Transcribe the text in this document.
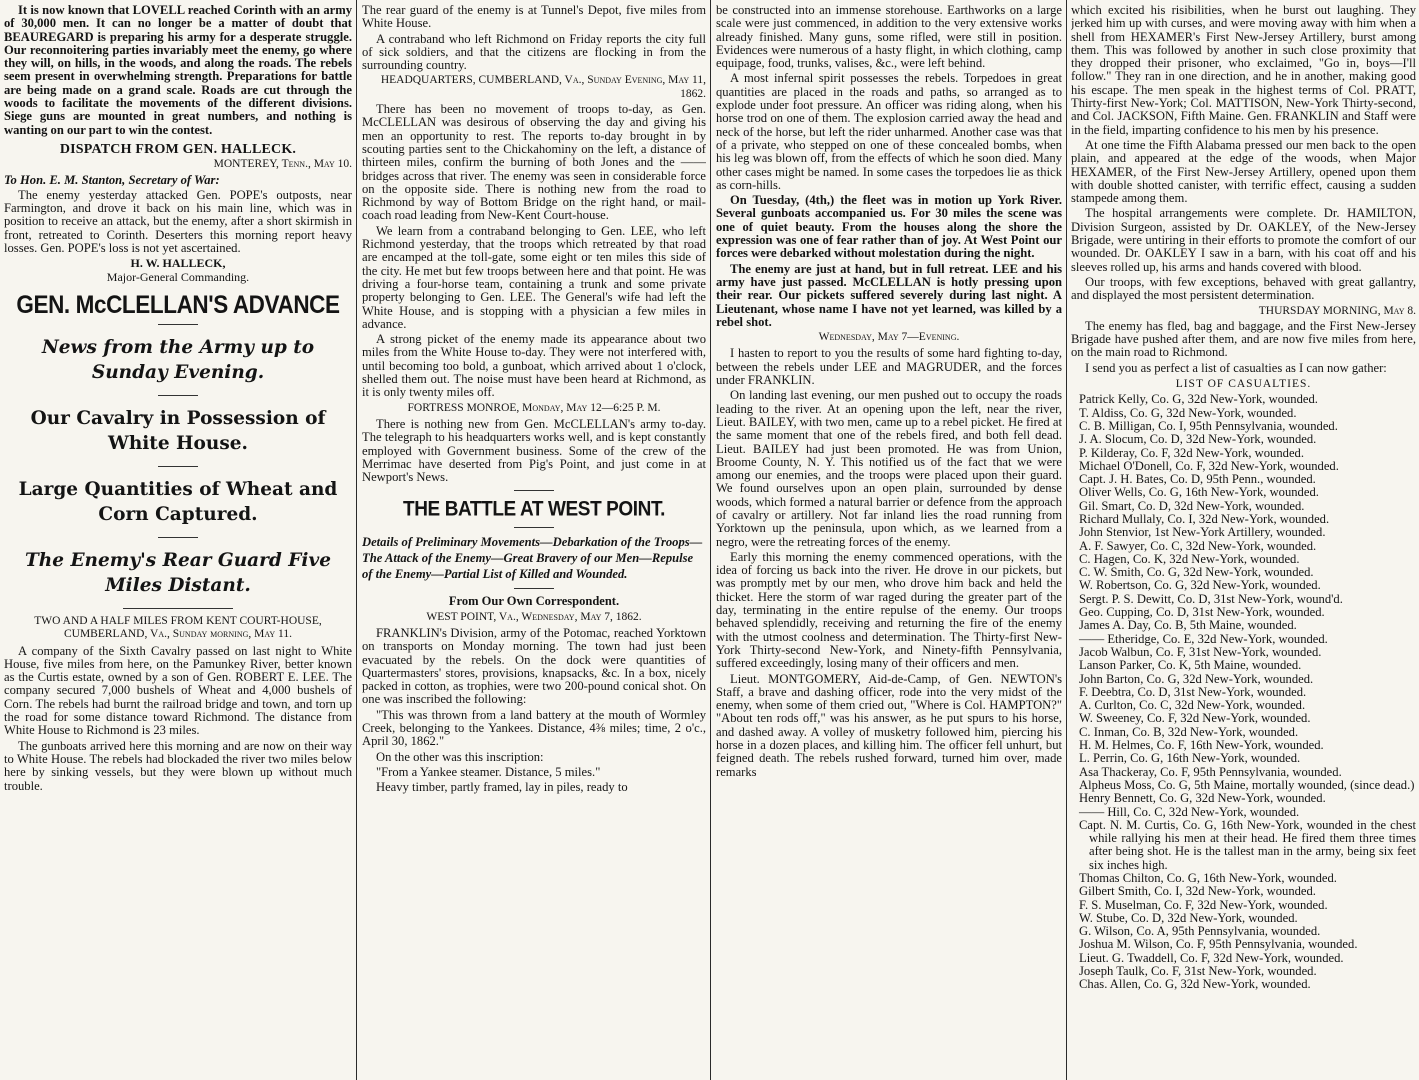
It is now known that LOVELL reached Corinth with an army of 30,000 men. It can no longer be a matter of doubt that BEAUREGARD is preparing his army for a desperate struggle. Our reconnoitering parties invariably meet the enemy, go where they will, on hills, in the woods, and along the roads. The rebels seem present in overwhelming strength. Preparations for battle are being made on a grand scale. Roads are cut through the woods to facilitate the movements of the different divisions. Siege guns are mounted in great numbers, and nothing is wanting on our part to win the contest.

DISPATCH FROM GEN. HALLECK.

MONTEREY, Tenn., May 10.

To Hon. E. M. Stanton, Secretary of War:

The enemy yesterday attacked Gen. POPE's outposts, near Farmington, and drove it back on his main line, which was in position to receive an attack, but the enemy, after a short skirmish in front, retreated to Corinth. Deserters this morning report heavy losses. Gen. POPE's loss is not yet ascertained.

H. W. HALLECK,

Major-General Commanding.

GEN. McCLELLAN'S ADVANCE
News from the Army up to Sunday Evening.
Our Cavalry in Possession of White House.
Large Quantities of Wheat and Corn Captured.
The Enemy's Rear Guard Five Miles Distant.

TWO AND A HALF MILES FROM KENT COURT-HOUSE, CUMBERLAND, Va., Sunday morning, May 11.

A company of the Sixth Cavalry passed on last night to White House, five miles from here, on the Pamunkey River, better known as the Curtis estate, owned by a son of Gen. ROBERT E. LEE. The company secured 7,000 bushels of Wheat and 4,000 bushels of Corn. The rebels had burnt the railroad bridge and town, and torn up the road for some distance toward Richmond. The distance from White House to Richmond is 23 miles.

The gunboats arrived here this morning and are now on their way to White House. The rebels had blockaded the river two miles below here by sinking vessels, but they were blown up without much trouble.

The rear guard of the enemy is at Tunnel's Depot, five miles from White House.

A contraband who left Richmond on Friday reports the city full of sick soldiers, and that the citizens are flocking in from the surrounding country.

HEADQUARTERS, CUMBERLAND, Va., Sunday Evening, May 11, 1862.

There has been no movement of troops to-day, as Gen. McCLELLAN was desirous of observing the day and giving his men an opportunity to rest. The reports to-day brought in by scouting parties sent to the Chickahominy on the left, a distance of thirteen miles, confirm the burning of both Jones and the —— bridges across that river. The enemy was seen in considerable force on the opposite side. There is nothing new from the road to Richmond by way of Bottom Bridge on the right hand, or mail-coach road leading from New-Kent Court-house.

We learn from a contraband belonging to Gen. LEE, who left Richmond yesterday, that the troops which retreated by that road are encamped at the toll-gate, some eight or ten miles this side of the city. He met but few troops between here and that point. He was driving a four-horse team, containing a trunk and some private property belonging to Gen. LEE. The General's wife had left the White House, and is stopping with a physician a few miles in advance.

A strong picket of the enemy made its appearance about two miles from the White House to-day. They were not interfered with, until becoming too bold, a gunboat, which arrived about 1 o'clock, shelled them out. The noise must have been heard at Richmond, as it is only twenty miles off.

FORTRESS MONROE, Monday, May 12—6:25 P. M.

There is nothing new from Gen. McCLELLAN's army to-day. The telegraph to his headquarters works well, and is kept constantly employed with Government business. Some of the crew of the Merrimac have deserted from Pig's Point, and just come in at Newport's News.

THE BATTLE AT WEST POINT.
Details of Preliminary Movements—Debarkation of the Troops—The Attack of the Enemy—Great Bravery of our Men—Repulse of the Enemy—Partial List of Killed and Wounded.
From Our Own Correspondent.

WEST POINT, Va., Wednesday, May 7, 1862.

FRANKLIN's Division, army of the Potomac, reached Yorktown on transports on Monday morning. The town had just been evacuated by the rebels. On the dock were quantities of Quartermasters' stores, provisions, knapsacks, &c. In a box, nicely packed in cotton, as trophies, were two 200-pound conical shot. On one was inscribed the following:

"This was thrown from a land battery at the mouth of Wormley Creek, belonging to the Yankees. Distance, 4⅜ miles; time, 2 o'c., April 30, 1862."

On the other was this inscription:

"From a Yankee steamer. Distance, 5 miles."

Heavy timber, partly framed, lay in piles, ready to

be constructed into an immense storehouse. Earthworks on a large scale were just commenced, in addition to the very extensive works already finished. Many guns, some rifled, were still in position. Evidences were numerous of a hasty flight, in which clothing, camp equipage, food, trunks, valises, &c., were left behind.

A most infernal spirit possesses the rebels. Torpedoes in great quantities are placed in the roads and paths, so arranged as to explode under foot pressure. An officer was riding along, when his horse trod on one of them. The explosion carried away the head and neck of the horse, but left the rider unharmed. Another case was that of a private, who stepped on one of these concealed bombs, when his leg was blown off, from the effects of which he soon died. Many other cases might be named. In some cases the torpedoes lie as thick as corn-hills.

On Tuesday, (4th,) the fleet was in motion up York River. Several gunboats accompanied us. For 30 miles the scene was one of quiet beauty. From the houses along the shore the expression was one of fear rather than of joy. At West Point our forces were debarked without molestation during the night.

The enemy are just at hand, but in full retreat. LEE and his army have just passed. McCLELLAN is hotly pressing upon their rear. Our pickets suffered severely during last night. A Lieutenant, whose name I have not yet learned, was killed by a rebel shot.

Wednesday, May 7—Evening.

I hasten to report to you the results of some hard fighting to-day, between the rebels under LEE and MAGRUDER, and the forces under FRANKLIN.

On landing last evening, our men pushed out to occupy the roads leading to the river. At an opening upon the left, near the river, Lieut. BAILEY, with two men, came up to a rebel picket. He fired at the same moment that one of the rebels fired, and both fell dead. Lieut. BAILEY had just been promoted. He was from Union, Broome County, N. Y. This notified us of the fact that we were among our enemies, and the troops were placed upon their guard. We found ourselves upon an open plain, surrounded by dense woods, which formed a natural barrier or defence from the approach of cavalry or artillery. Not far inland lies the road running from Yorktown up the peninsula, upon which, as we learned from a negro, were the retreating forces of the enemy.

Early this morning the enemy commenced operations, with the idea of forcing us back into the river. He drove in our pickets, but was promptly met by our men, who drove him back and held the thicket. Here the storm of war raged during the greater part of the day, terminating in the entire repulse of the enemy. Our troops behaved splendidly, receiving and returning the fire of the enemy with the utmost coolness and determination. The Thirty-first New-York Thirty-second New-York, and Ninety-fifth Pennsylvania, suffered exceedingly, losing many of their officers and men.

Lieut. MONTGOMERY, Aid-de-Camp, of Gen. NEWTON's Staff, a brave and dashing officer, rode into the very midst of the enemy, when some of them cried out, "Where is Col. HAMPTON?" "About ten rods off," was his answer, as he put spurs to his horse, and dashed away. A volley of musketry followed him, piercing his horse in a dozen places, and killing him. The officer fell unhurt, but feigned death. The rebels rushed forward, turned him over, made remarks

which excited his risibilities, when he burst out laughing. They jerked him up with curses, and were moving away with him when a shell from HEXAMER's First New-Jersey Artillery, burst among them. This was followed by another in such close proximity that they dropped their prisoner, who exclaimed, "Go in, boys—I'll follow." They ran in one direction, and he in another, making good his escape. The men speak in the highest terms of Col. PRATT, Thirty-first New-York; Col. MATTISON, New-York Thirty-second, and Col. JACKSON, Fifth Maine. Gen. FRANKLIN and Staff were in the field, imparting confidence to his men by his presence.

At one time the Fifth Alabama pressed our men back to the open plain, and appeared at the edge of the woods, when Major HEXAMER, of the First New-Jersey Artillery, opened upon them with double shotted canister, with terrific effect, causing a sudden stampede among them.

The hospital arrangements were complete. Dr. HAMILTON, Division Surgeon, assisted by Dr. OAKLEY, of the New-Jersey Brigade, were untiring in their efforts to promote the comfort of our wounded. Dr. OAKLEY I saw in a barn, with his coat off and his sleeves rolled up, his arms and hands covered with blood.

Our troops, with few exceptions, behaved with great gallantry, and displayed the most persistent determination.

THURSDAY MORNING, May 8.

The enemy has fled, bag and baggage, and the First New-Jersey Brigade have pushed after them, and are now five miles from here, on the main road to Richmond.

I send you as perfect a list of casualties as I can now gather:

LIST OF CASUALTIES.

Patrick Kelly, Co. G, 32d New-York, wounded.

T. Aldiss, Co. G, 32d New-York, wounded.

C. B. Milligan, Co. I, 95th Pennsylvania, wounded.

J. A. Slocum, Co. D, 32d New-York, wounded.

P. Kilderay, Co. F, 32d New-York, wounded.

Michael O'Donell, Co. F, 32d New-York, wounded.

Capt. J. H. Bates, Co. D, 95th Penn., wounded.

Oliver Wells, Co. G, 16th New-York, wounded.

Gil. Smart, Co. D, 32d New-York, wounded.

Richard Mullaly, Co. I, 32d New-York, wounded.

John Stenvior, 1st New-York Artillery, wounded.

A. F. Sawyer, Co. C, 32d New-York, wounded.

C. Hagen, Co. K, 32d New-York, wounded.

C. W. Smith, Co. G, 32d New-York, wounded.

W. Robertson, Co. G, 32d New-York, wounded.

Sergt. P. S. Dewitt, Co. D, 31st New-York, wound'd.

Geo. Cupping, Co. D, 31st New-York, wounded.

James A. Day, Co. B, 5th Maine, wounded.

—— Etheridge, Co. E, 32d New-York, wounded.

Jacob Walbun, Co. F, 31st New-York, wounded.

Lanson Parker, Co. K, 5th Maine, wounded.

John Barton, Co. G, 32d New-York, wounded.

F. Deebtra, Co. D, 31st New-York, wounded.

A. Curlton, Co. C, 32d New-York, wounded.

W. Sweeney, Co. F, 32d New-York, wounded.

C. Inman, Co. B, 32d New-York, wounded.

H. M. Helmes, Co. F, 16th New-York, wounded.

L. Perrin, Co. G, 16th New-York, wounded.

Asa Thackeray, Co. F, 95th Pennsylvania, wounded.

Alpheus Moss, Co. G, 5th Maine, mortally wounded, (since dead.)

Henry Bennett, Co. G, 32d New-York, wounded.

—— Hill, Co. C, 32d New-York, wounded.

Capt. N. M. Curtis, Co. G, 16th New-York, wounded in the chest while rallying his men at their head. He fired them three times after being shot. He is the tallest man in the army, being six feet six inches high.

Thomas Chilton, Co. G, 16th New-York, wounded.

Gilbert Smith, Co. I, 32d New-York, wounded.

F. S. Muselman, Co. F, 32d New-York, wounded.

W. Stube, Co. D, 32d New-York, wounded.

G. Wilson, Co. A, 95th Pennsylvania, wounded.

Joshua M. Wilson, Co. F, 95th Pennsylvania, wounded.

Lieut. G. Twaddell, Co. F, 32d New-York, wounded.

Joseph Taulk, Co. F, 31st New-York, wounded.

Chas. Allen, Co. G, 32d New-York, wounded.
